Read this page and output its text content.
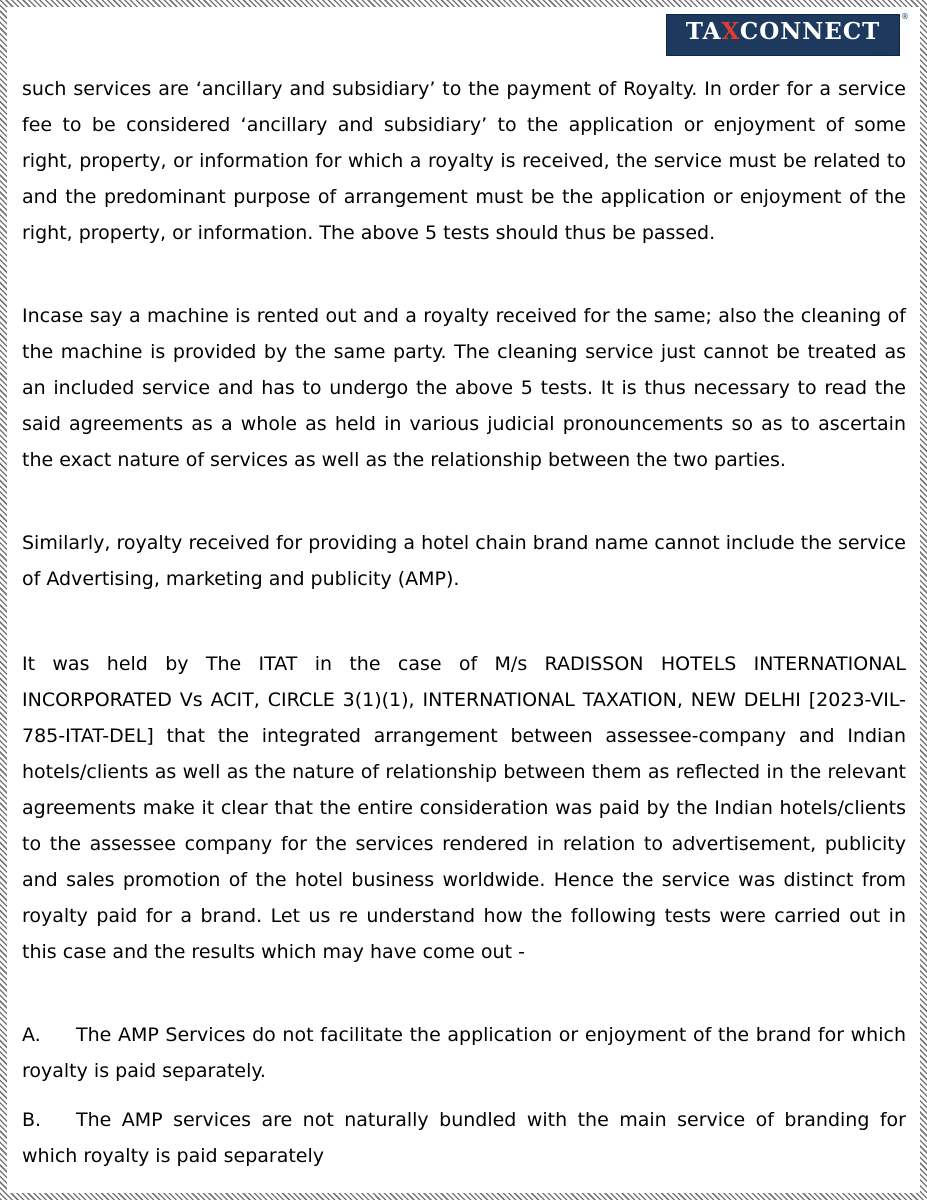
TAXCONNECT
EXCELLENCE IN LEGAL DELIVERABLES
®

such services are ‘ancillary and subsidiary’ to the payment of Royalty. In order for a service fee to be considered ‘ancillary and subsidiary’ to the application or enjoyment of some right, property, or information for which a royalty is received, the service must be related to and the predominant purpose of arrangement must be the application or enjoyment of the right, property, or information. The above 5 tests should thus be passed.

Incase say a machine is rented out and a royalty received for the same; also the cleaning of the machine is provided by the same party. The cleaning service just cannot be treated as an included service and has to undergo the above 5 tests. It is thus necessary to read the said agreements as a whole as held in various judicial pronouncements so as to ascertain the exact nature of services as well as the relationship between the two parties.

Similarly, royalty received for providing a hotel chain brand name cannot include the service of Advertising, marketing and publicity (AMP).

It was held by The ITAT in the case of M/s RADISSON HOTELS INTERNATIONAL INCORPORATED Vs ACIT, CIRCLE 3(1)(1), INTERNATIONAL TAXATION, NEW DELHI [2023-VIL-785-ITAT-DEL] that the integrated arrangement between assessee-company and Indian hotels/clients as well as the nature of relationship between them as reflected in the relevant agreements make it clear that the entire consideration was paid by the Indian hotels/clients to the assessee company for the services rendered in relation to advertisement, publicity and sales promotion of the hotel business worldwide. Hence the service was distinct from royalty paid for a brand. Let us re understand how the following tests were carried out in this case and the results which may have come out -

A. The AMP Services do not facilitate the application or enjoyment of the brand for which royalty is paid separately.
B. The AMP services are not naturally bundled with the main service of branding for which royalty is paid separately
